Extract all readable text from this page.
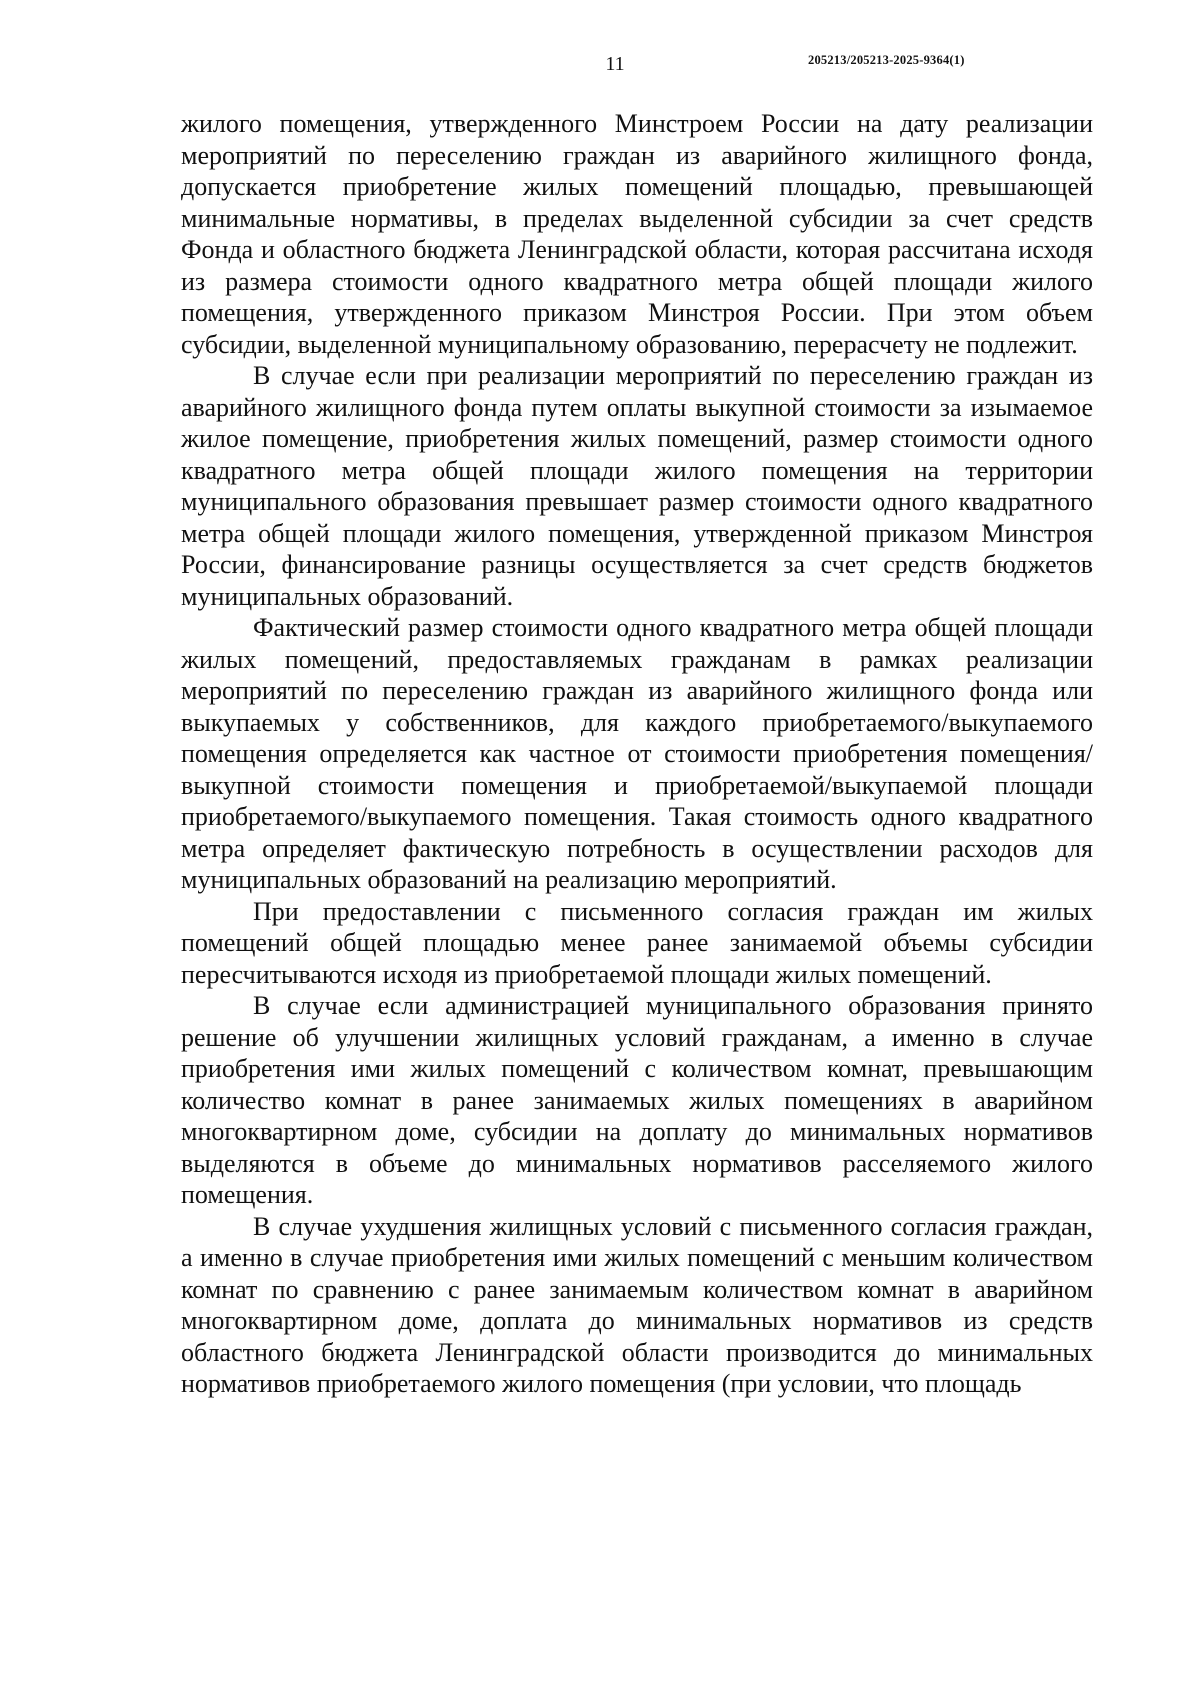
11	205213/205213-2025-9364(1)

жилого помещения, утвержденного Минстроем России на дату реализации мероприятий по переселению граждан из аварийного жилищного фонда, допускается приобретение жилых помещений площадью, превышающей минимальные нормативы, в пределах выделенной субсидии за счет средств Фонда и областного бюджета Ленинградской области, которая рассчитана исходя из размера стоимости одного квадратного метра общей площади жилого помещения, утвержденного приказом Минстроя России. При этом объем субсидии, выделенной муниципальному образованию, перерасчету не подлежит.

В случае если при реализации мероприятий по переселению граждан из аварийного жилищного фонда путем оплаты выкупной стоимости за изымаемое жилое помещение, приобретения жилых помещений, размер стоимости одного квадратного метра общей площади жилого помещения на территории муниципального образования превышает размер стоимости одного квадратного метра общей площади жилого помещения, утвержденной приказом Минстроя России, финансирование разницы осуществляется за счет средств бюджетов муниципальных образований.

Фактический размер стоимости одного квадратного метра общей площади жилых помещений, предоставляемых гражданам в рамках реализации мероприятий по переселению граждан из аварийного жилищного фонда или выкупаемых у собственников, для каждого приобретаемого/выкупаемого помещения определяется как частное от стоимости приобретения помещения/выкупной стоимости помещения и приобретаемой/выкупаемой площади приобретаемого/выкупаемого помещения. Такая стоимость одного квадратного метра определяет фактическую потребность в осуществлении расходов для муниципальных образований на реализацию мероприятий.

При предоставлении с письменного согласия граждан им жилых помещений общей площадью менее ранее занимаемой объемы субсидии пересчитываются исходя из приобретаемой площади жилых помещений.

В случае если администрацией муниципального образования принято решение об улучшении жилищных условий гражданам, а именно в случае приобретения ими жилых помещений с количеством комнат, превышающим количество комнат в ранее занимаемых жилых помещениях в аварийном многоквартирном доме, субсидии на доплату до минимальных нормативов выделяются в объеме до минимальных нормативов расселяемого жилого помещения.

В случае ухудшения жилищных условий с письменного согласия граждан, а именно в случае приобретения ими жилых помещений с меньшим количеством комнат по сравнению с ранее занимаемым количеством комнат в аварийном многоквартирном доме, доплата до минимальных нормативов из средств областного бюджета Ленинградской области производится до минимальных нормативов приобретаемого жилого помещения (при условии, что площадь
